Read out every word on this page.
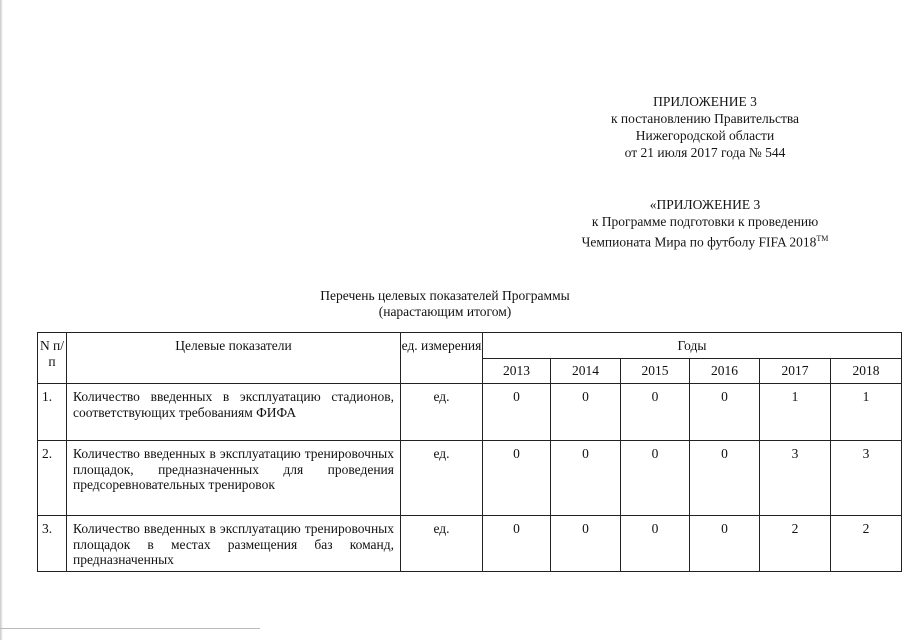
ПРИЛОЖЕНИЕ 3
к постановлению Правительства
Нижегородской области
от 21 июля 2017 года № 544
«ПРИЛОЖЕНИЕ 3
к Программе подготовки к проведению
Чемпионата Мира по футболу FIFA 2018™
Перечень целевых показателей Программы
(нарастающим итогом)
N п/п	Целевые показатели	ед. измерения	Годы					
			2013	2014	2015	2016	2017	2018
1.	Количество введенных в эксплуатацию стадионов, соответствующих требованиям ФИФА	ед.	0	0	0	0	1	1
2.	Количество введенных в эксплуатацию тренировочных площадок, предназначенных для проведения предсоревновательных тренировок	ед.	0	0	0	0	3	3
3.	Количество введенных в эксплуатацию тренировочных площадок в местах размещения баз команд, предназначенных	ед.	0	0	0	0	2	2
